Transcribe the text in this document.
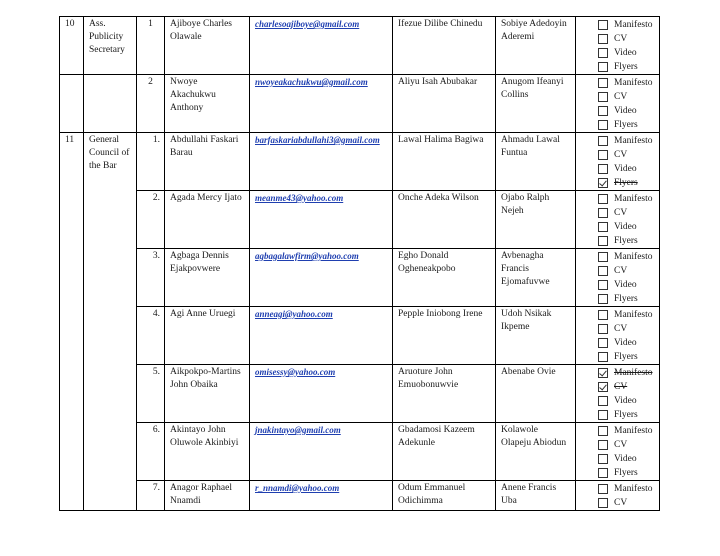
10	Ass. Publicity Secretary	1	Ajiboye Charles Olawale	charlesoajiboye@gmail.com	Ifezue Dilibe Chinedu	Sobiye Adedoyin Aderemi	Manifesto
CV
Video
Flyers

		2	Nwoye Akachukwu Anthony	nwoyeakachukwu@gmail.com	Aliyu Isah Abubakar	Anugom Ifeanyi Collins	Manifesto
CV
Video
Flyers

11	General Council of the Bar	1.	Abdullahi Faskari Barau	barfaskariabdullahi3@gmail.com	Lawal Halima Bagiwa	Ahmadu Lawal Funtua	Manifesto
CV
Video
Flyers

		2.	Agada Mercy Ijato	meanme43@yahoo.com	Onche Adeka Wilson	Ojabo Ralph Nejeh	Manifesto
CV
Video
Flyers

		3.	Agbaga Dennis Ejakpovwere	agbagalawfirm@yahoo.com	Egho Donald Ogheneakpobo	Avbenagha Francis Ejomafuvwe	Manifesto
CV
Video
Flyers

		4.	Agi Anne Uruegi	anneagi@yahoo.com	Pepple Iniobong Irene	Udoh Nsikak Ikpeme	Manifesto
CV
Video
Flyers

		5.	Aikpokpo-Martins John Obaika	omisessy@yahoo.com	Aruoture John Emuobonuwvie	Abenabe Ovie	Manifesto
CV
Video
Flyers

		6.	Akintayo John Oluwole Akinbiyi	jnakintayo@gmail.com	Gbadamosi Kazeem Adekunle	Kolawole Olapeju Abiodun	Manifesto
CV
Video
Flyers

		7.	Anagor Raphael Nnamdi	r_nnamdi@yahoo.com	Odum Emmanuel Odichimma	Anene Francis Uba	Manifesto
CV
